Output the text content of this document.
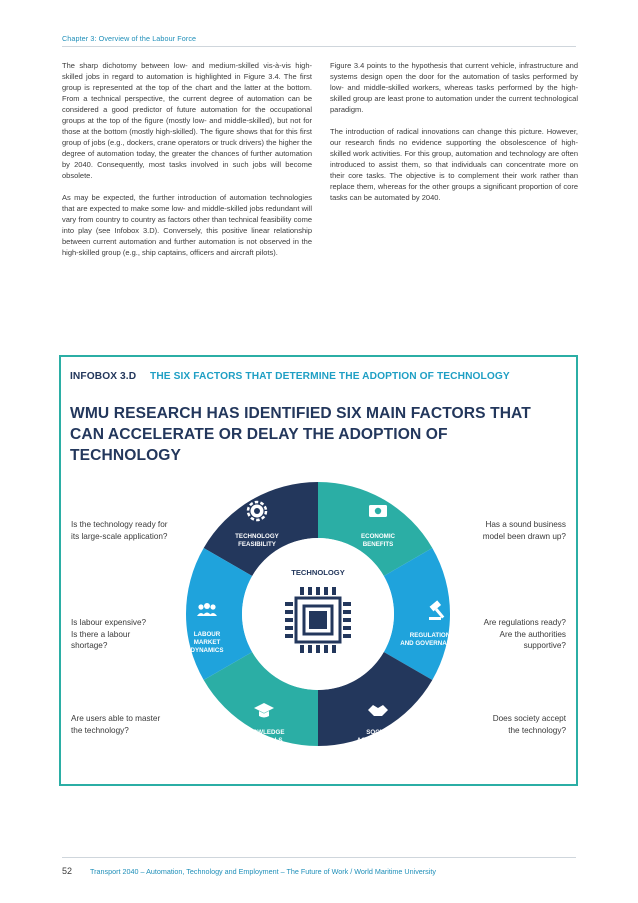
Chapter 3: Overview of the Labour Force

The sharp dichotomy between low- and medium-skilled vis-à-vis high-skilled jobs in regard to automation is highlighted in Figure 3.4. The first group is represented at the top of the chart and the latter at the bottom. From a technical perspective, the current degree of automation can be considered a good predictor of future automation for the occupational groups at the top of the figure (mostly low- and middle-skilled), but not for those at the bottom (mostly high-skilled). The figure shows that for this first group of jobs (e.g., dockers, crane operators or truck drivers) the higher the degree of automation today, the greater the chances of further automation by 2040. Consequently, most tasks involved in such jobs will become obsolete.

As may be expected, the further introduction of automation technologies that are expected to make some low- and middle-skilled jobs redundant will vary from country to country as factors other than technical feasibility come into play (see Infobox 3.D). Conversely, this positive linear relationship between current automation and further automation is not observed in the high-skilled group (e.g., ship captains, officers and aircraft pilots).

Figure 3.4 points to the hypothesis that current vehicle, infrastructure and systems design open the door for the automation of tasks performed by low- and middle-skilled workers, whereas tasks performed by the high-skilled group are least prone to automation under the current technological paradigm.

The introduction of radical innovations can change this picture. However, our research finds no evidence supporting the obsolescence of high-skilled work activities. For this group, automation and technology are often introduced to assist them, so that individuals can concentrate more on their core tasks. The objective is to complement their work rather than replace them, whereas for the other groups a significant proportion of core tasks can be automated by 2040.

INFOBOX 3.D THE SIX FACTORS THAT DETERMINE THE ADOPTION OF TECHNOLOGY
WMU RESEARCH HAS IDENTIFIED SIX MAIN FACTORS THAT CAN ACCELERATE OR DELAY THE ADOPTION OF TECHNOLOGY
Is the technology ready for
its large-scale application?
Has a sound business
model been drawn up?
Is labour expensive?
Is there a labour
shortage?
Are regulations ready?
Are the authorities
supportive?
Are users able to master
the technology?
Does society accept
the technology?
TECHNOLOGY
TECHNOLOGY
FEASIBILITY
ECONOMIC
BENEFITS
REGULATION
AND GOVERNANCE
SOCIAL
ACCEPTANCE
KNOWLEDGE
AND SKILLS
LABOUR
MARKET
DYNAMICS
52 Transport 2040 – Automation, Technology and Employment – The Future of Work / World Maritime University
